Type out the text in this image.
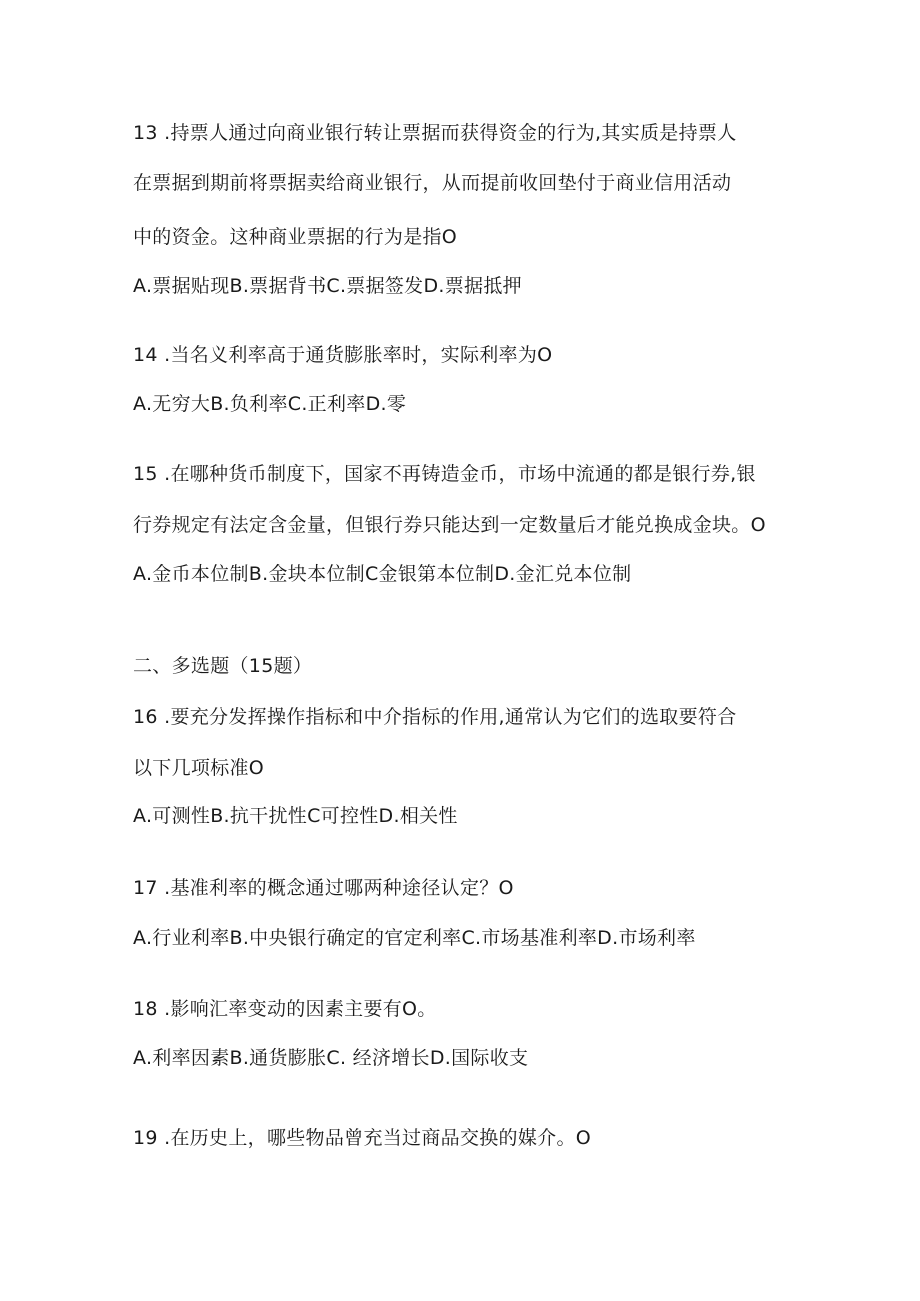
13 .持票人通过向商业银行转让票据而获得资金的行为,其实质是持票人
在票据到期前将票据卖给商业银行，从而提前收回垫付于商业信用活动
中的资金。这种商业票据的行为是指O
A.票据贴现B.票据背书C.票据签发D.票据抵押
14 .当名义利率高于通货膨胀率时，实际利率为O
A.无穷大B.负利率C.正利率D.零
15 .在哪种货币制度下，国家不再铸造金币，市场中流通的都是银行券,银
行券规定有法定含金量，但银行券只能达到一定数量后才能兑换成金块。O
A.金币本位制B.金块本位制C金银第本位制D.金汇兑本位制
二、多选题（15题）
16 .要充分发挥操作指标和中介指标的作用,通常认为它们的选取要符合
以下几项标准O
A.可测性B.抗干扰性C可控性D.相关性
17 .基准利率的概念通过哪两种途径认定？O
A.行业利率B.中央银行确定的官定利率C.市场基准利率D.市场利率
18 .影响汇率变动的因素主要有O。
A.利率因素B.通货膨胀C. 经济增长D.国际收支
19 .在历史上，哪些物品曾充当过商品交换的媒介。O
